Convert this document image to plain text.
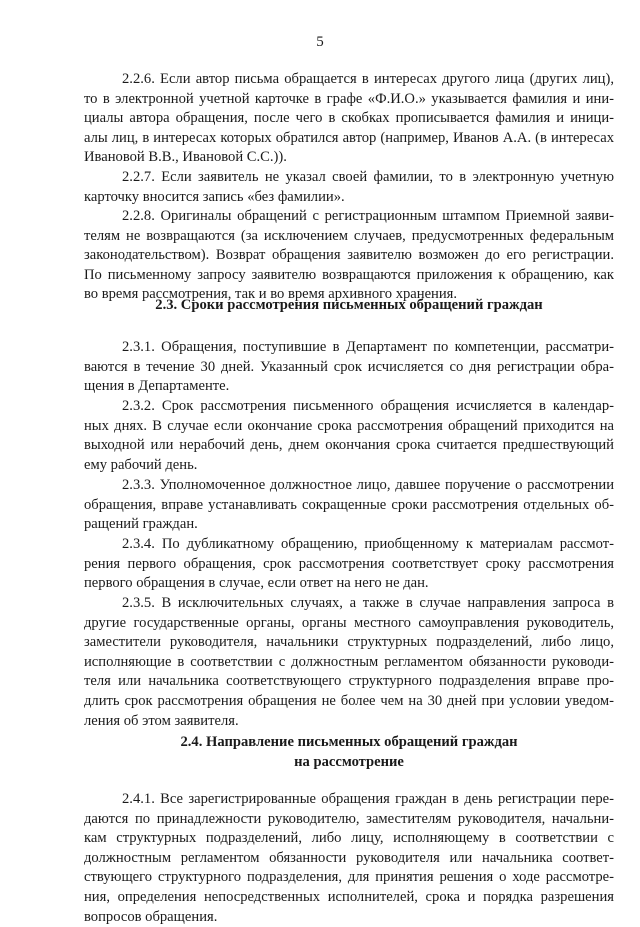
5
2.2.6. Если автор письма обращается в интересах другого лица (других лиц),
то в электронной учетной карточке в графе «Ф.И.О.» указывается фамилия и ини-
циалы автора обращения, после чего в скобках прописывается фамилия и иници-
алы лиц, в интересах которых обратился автор (например, Иванов А.А. (в интересах
Ивановой В.В., Ивановой С.С.)).
2.2.7. Если заявитель не указал своей фамилии, то в электронную учетную
карточку вносится запись «без фамилии».
2.2.8. Оригиналы обращений с регистрационным штампом Приемной заяви-
телям не возвращаются (за исключением случаев, предусмотренных федеральным
законодательством). Возврат обращения заявителю возможен до его регистрации.
По письменному запросу заявителю возвращаются приложения к обращению, как
во время рассмотрения, так и во время архивного хранения.
2.3. Сроки рассмотрения письменных обращений граждан
2.3.1. Обращения, поступившие в Департамент по компетенции, рассматри-
ваются в течение 30 дней. Указанный срок исчисляется со дня регистрации обра-
щения в Департаменте.
2.3.2. Срок рассмотрения письменного обращения исчисляется в календар-
ных днях. В случае если окончание срока рассмотрения обращений приходится на
выходной или нерабочий день, днем окончания срока считается предшествующий
ему рабочий день.
2.3.3. Уполномоченное должностное лицо, давшее поручение о рассмотрении
обращения, вправе устанавливать сокращенные сроки рассмотрения отдельных об-
ращений граждан.
2.3.4. По дубликатному обращению, приобщенному к материалам рассмот-
рения первого обращения, срок рассмотрения соответствует сроку рассмотрения
первого обращения в случае, если ответ на него не дан.
2.3.5. В исключительных случаях, а также в случае направления запроса в
другие государственные органы, органы местного самоуправления руководитель,
заместители руководителя, начальники структурных подразделений, либо лицо,
исполняющие в соответствии с должностным регламентом обязанности руководи-
теля или начальника соответствующего структурного подразделения вправе про-
длить срок рассмотрения обращения не более чем на 30 дней при условии уведом-
ления об этом заявителя.
2.4. Направление письменных обращений граждан
на рассмотрение
2.4.1. Все зарегистрированные обращения граждан в день регистрации пере-
даются по принадлежности руководителю, заместителям руководителя, начальни-
кам структурных подразделений, либо лицу, исполняющему в соответствии с
должностным регламентом обязанности руководителя или начальника соответ-
ствующего структурного подразделения, для принятия решения о ходе рассмотре-
ния, определения непосредственных исполнителей, срока и порядка разрешения
вопросов обращения.
